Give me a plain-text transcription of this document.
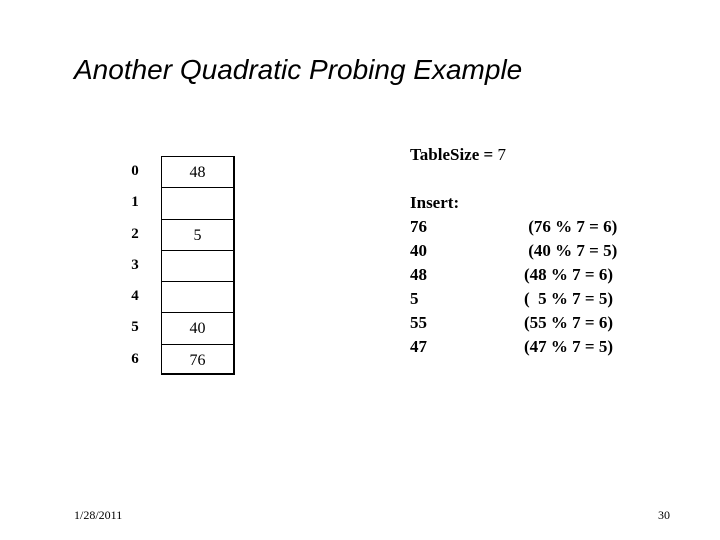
Another Quadratic Probing Example
0	48
1
2	5
3
4
5	40
6	76
TableSize = 7
Insert:
76	(76 % 7 = 6)
40	(40 % 7 = 5)
48	(48 % 7 = 6)
5	(  5 % 7 = 5)
55	(55 % 7 = 6)
47	(47 % 7 = 5)
1/28/2011	30
